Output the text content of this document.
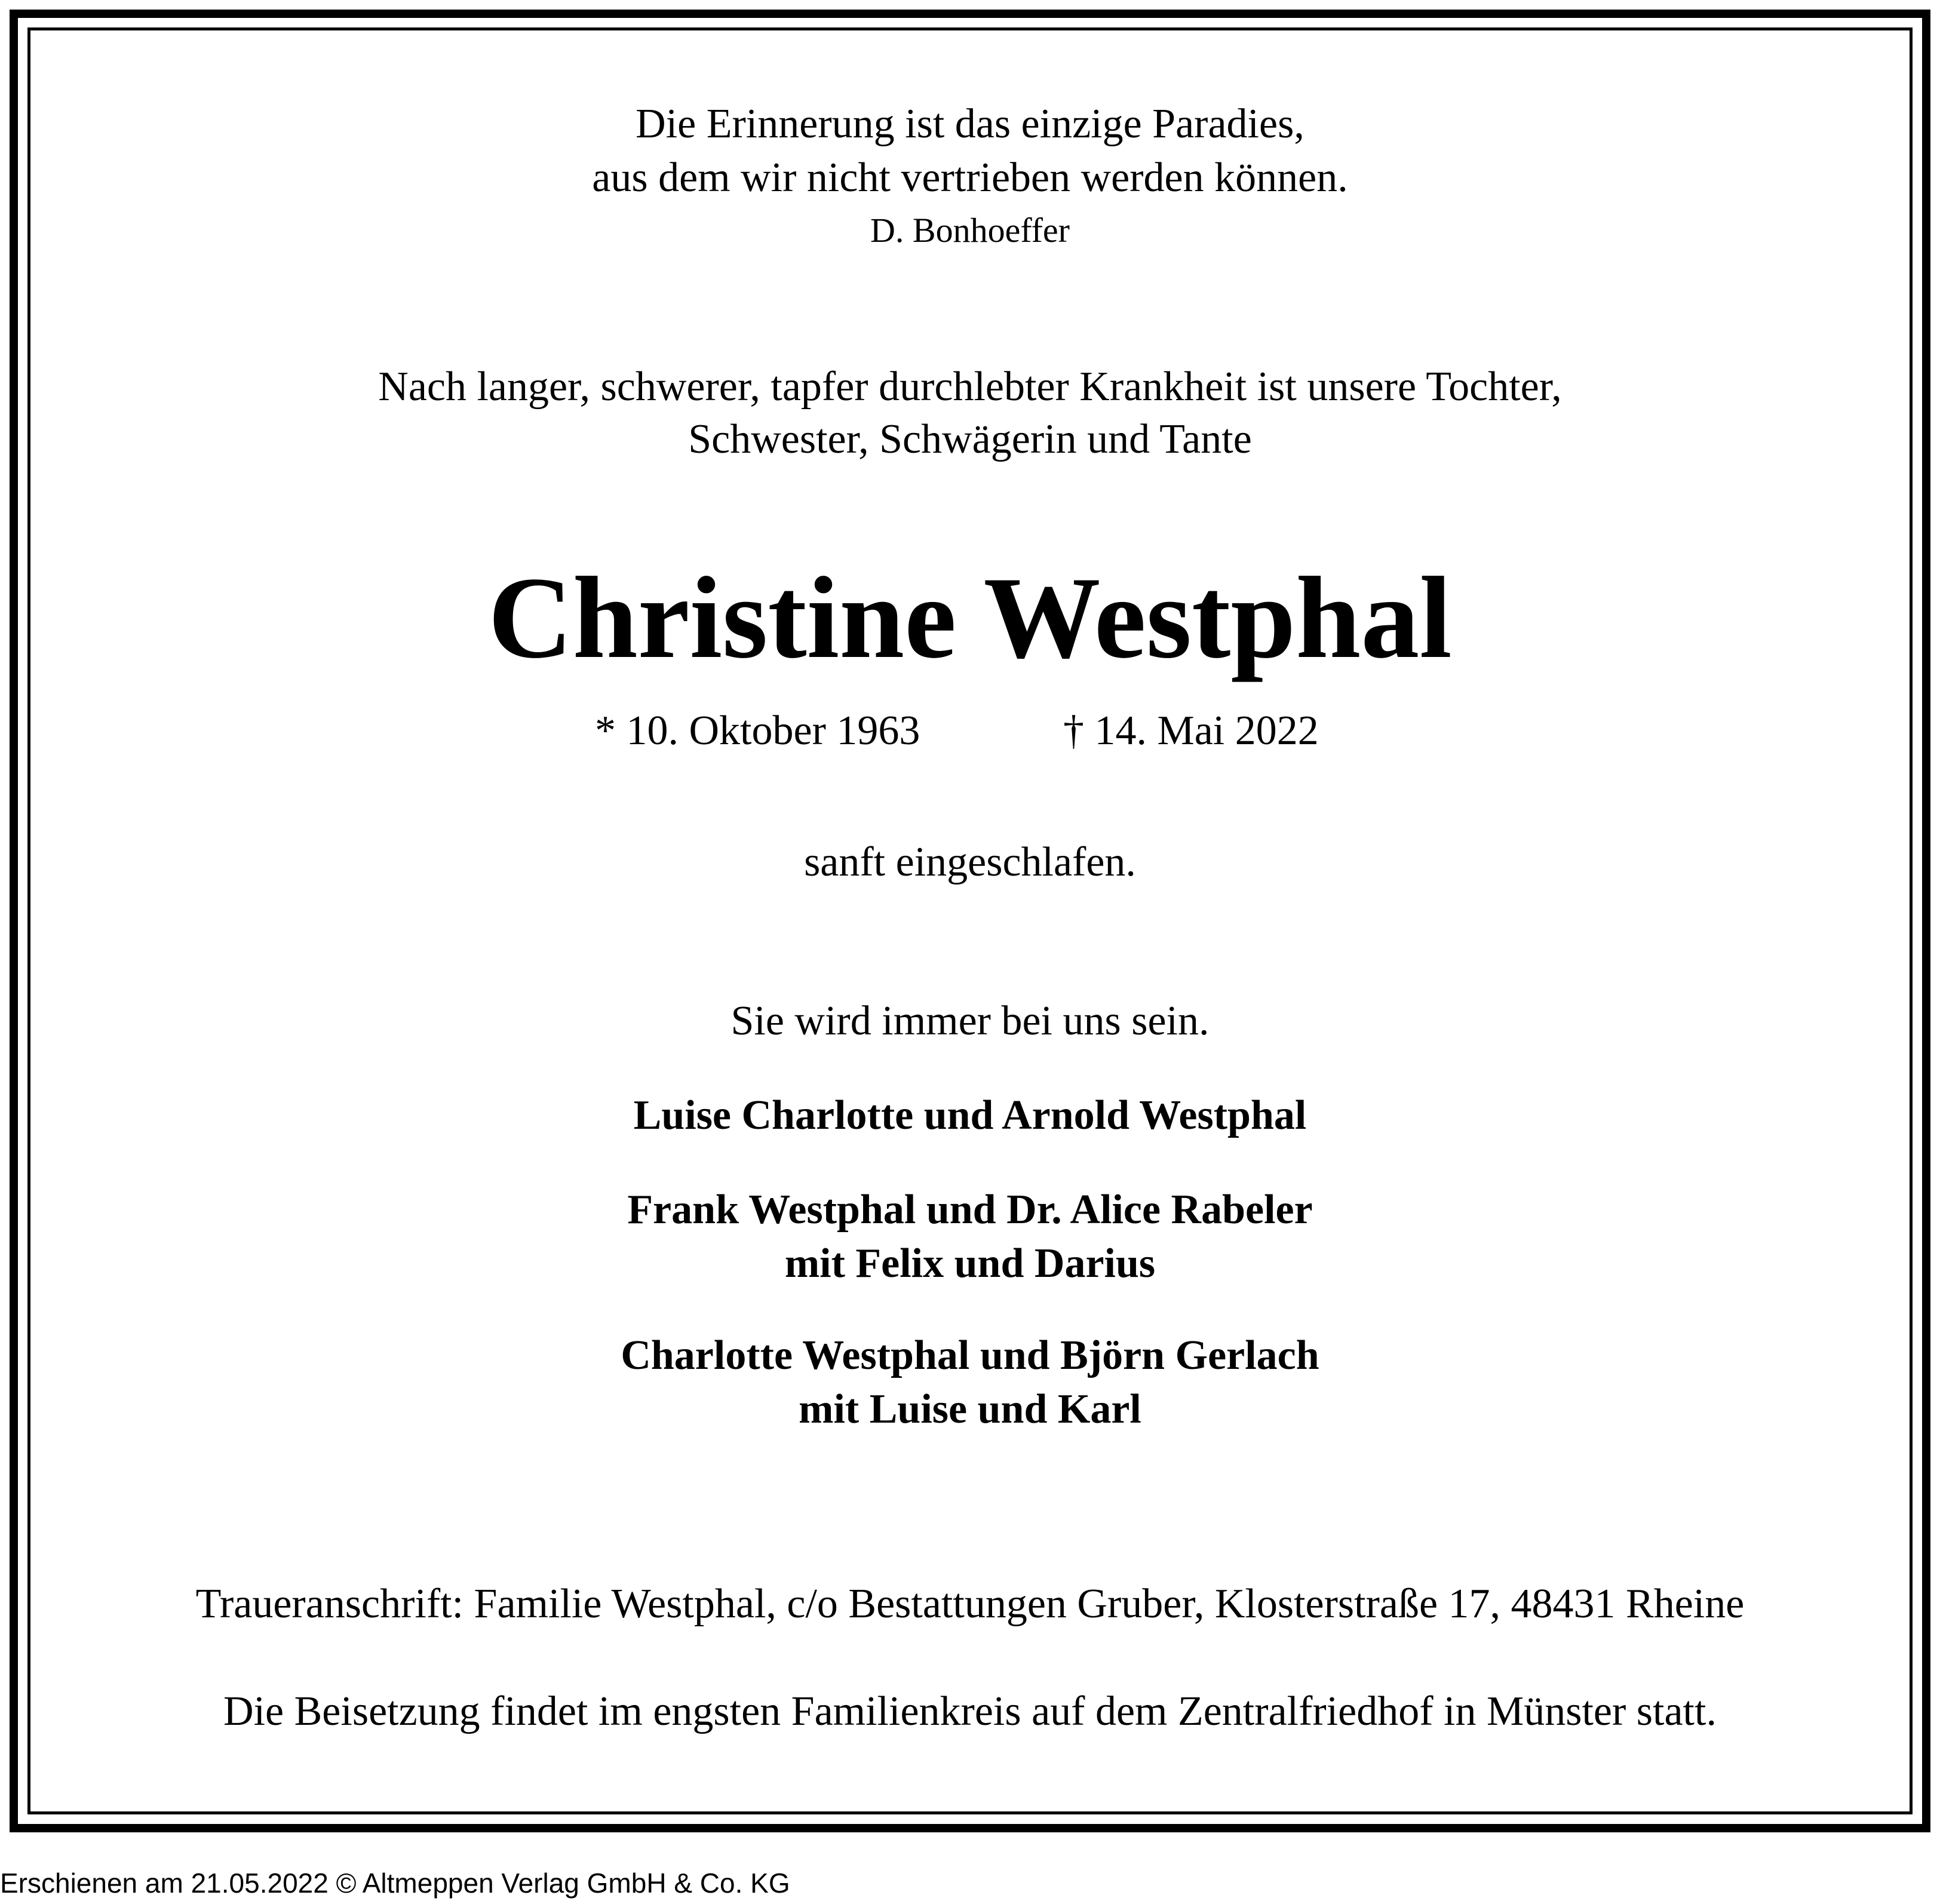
Die Erinnerung ist das einzige Paradies,

aus dem wir nicht vertrieben werden können.

D. Bonhoeffer

Nach langer, schwerer, tapfer durchlebter Krankheit ist unsere Tochter,

Schwester, Schwägerin und Tante

Christine Westphal

* 10. Oktober 1963	† 14. Mai 2022

sanft eingeschlafen.

Sie wird immer bei uns sein.

Luise Charlotte und Arnold Westphal

Frank Westphal und Dr. Alice Rabeler

mit Felix und Darius

Charlotte Westphal und Björn Gerlach

mit Luise und Karl

Traueranschrift: Familie Westphal, c/o Bestattungen Gruber, Klosterstraße 17, 48431 Rheine

Die Beisetzung findet im engsten Familienkreis auf dem Zentralfriedhof in Münster statt.

Erschienen am 21.05.2022 © Altmeppen Verlag GmbH & Co. KG
